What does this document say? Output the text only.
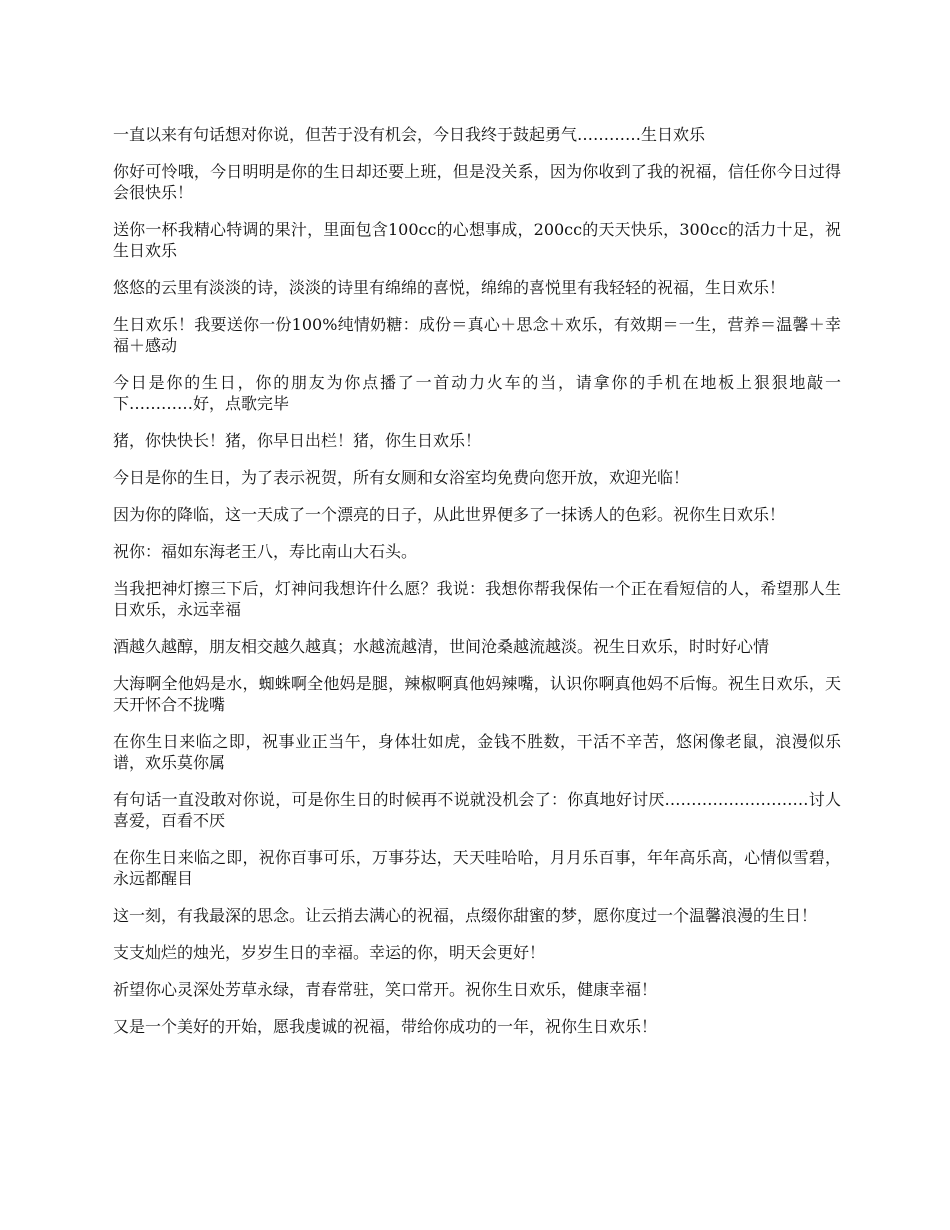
一直以来有句话想对你说，但苦于没有机会，今日我终于鼓起勇气…………生日欢乐

你好可怜哦，今日明明是你的生日却还要上班，但是没关系，因为你收到了我的祝福，信任你今日过得会很快乐！

送你一杯我精心特调的果汁，里面包含100cc的心想事成，200cc的天天快乐，300cc的活力十足，祝生日欢乐

悠悠的云里有淡淡的诗，淡淡的诗里有绵绵的喜悦，绵绵的喜悦里有我轻轻的祝福，生日欢乐！

生日欢乐！我要送你一份100%纯情奶糖：成份＝真心＋思念＋欢乐，有效期＝一生，营养＝温馨＋幸福＋感动

今日是你的生日，你的朋友为你点播了一首动力火车的当，请拿你的手机在地板上狠狠地敲一下…………好，点歌完毕

猪，你快快长！猪，你早日出栏！猪，你生日欢乐！

今日是你的生日，为了表示祝贺，所有女厕和女浴室均免费向您开放，欢迎光临！

因为你的降临，这一天成了一个漂亮的日子，从此世界便多了一抹诱人的色彩。祝你生日欢乐！

祝你：福如东海老王八，寿比南山大石头。

当我把神灯擦三下后，灯神问我想许什么愿？我说：我想你帮我保佑一个正在看短信的人，希望那人生日欢乐，永远幸福

酒越久越醇，朋友相交越久越真；水越流越清，世间沧桑越流越淡。祝生日欢乐，时时好心情

大海啊全他妈是水，蜘蛛啊全他妈是腿，辣椒啊真他妈辣嘴，认识你啊真他妈不后悔。祝生日欢乐，天天开怀合不拢嘴

在你生日来临之即，祝事业正当午，身体壮如虎，金钱不胜数，干活不辛苦，悠闲像老鼠，浪漫似乐谱，欢乐莫你属

有句话一直没敢对你说，可是你生日的时候再不说就没机会了：你真地好讨厌………………………讨人喜爱，百看不厌

在你生日来临之即，祝你百事可乐，万事芬达，天天哇哈哈，月月乐百事，年年高乐高，心情似雪碧，永远都醒目

这一刻，有我最深的思念。让云捎去满心的祝福，点缀你甜蜜的梦，愿你度过一个温馨浪漫的生日！

支支灿烂的烛光，岁岁生日的幸福。幸运的你，明天会更好！

祈望你心灵深处芳草永绿，青春常驻，笑口常开。祝你生日欢乐，健康幸福！

又是一个美好的开始，愿我虔诚的祝福，带给你成功的一年，祝你生日欢乐！
